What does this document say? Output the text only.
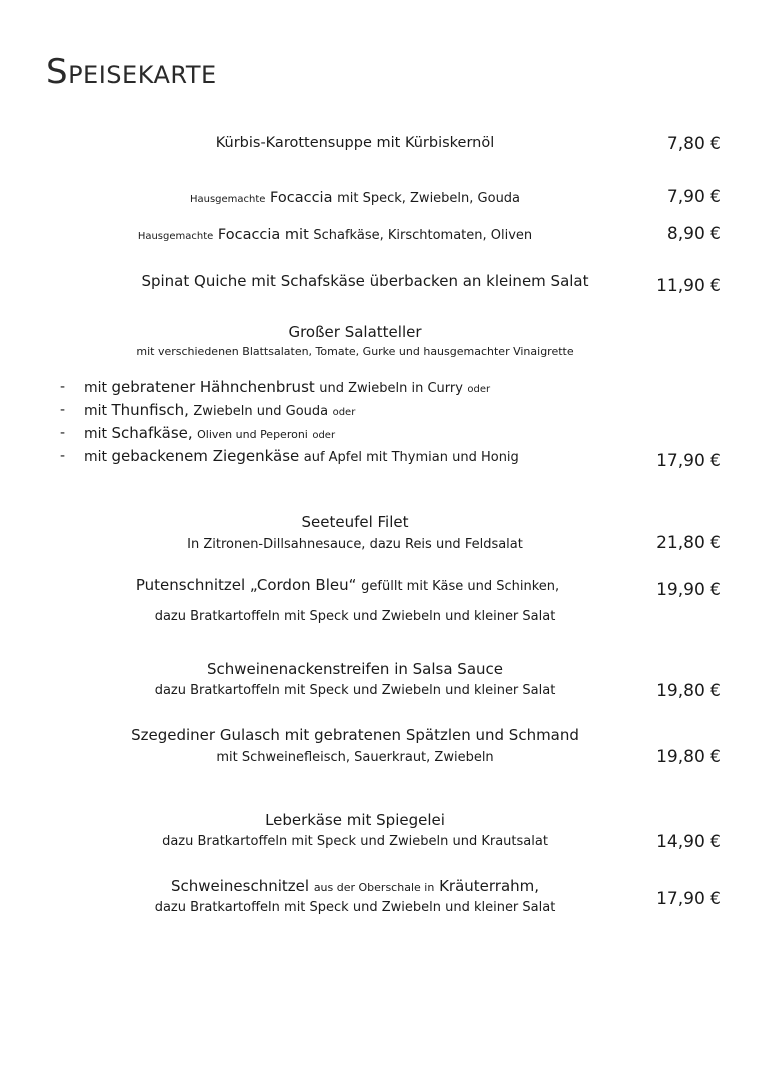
Speisekarte
Kürbis-Karottensuppe mit Kürbiskernöl	7,80 €
Hausgemachte Focaccia mit Speck, Zwiebeln, Gouda	7,90 €
Hausgemachte Focaccia mit Schafkäse, Kirschtomaten, Oliven	8,90 €
Spinat Quiche mit Schafskäse überbacken an kleinem Salat	11,90 €
Großer Salatteller
mit verschiedenen Blattsalaten, Tomate, Gurke und hausgemachter Vinaigrette
- mit gebratener Hähnchenbrust und Zwiebeln in Curry oder
- mit Thunfisch, Zwiebeln und Gouda oder
- mit Schafkäse, Oliven und Peperoni oder
- mit gebackenem Ziegenkäse auf Apfel mit Thymian und Honig	17,90 €
Seeteufel Filet
In Zitronen-Dillsahnesauce, dazu Reis und Feldsalat	21,80 €
Putenschnitzel „Cordon Bleu“ gefüllt mit Käse und Schinken,
dazu Bratkartoffeln mit Speck und Zwiebeln und kleiner Salat
19,90 €
Schweinenackenstreifen in Salsa Sauce
dazu Bratkartoffeln mit Speck und Zwiebeln und kleiner Salat	19,80 €
Szegediner Gulasch mit gebratenen Spätzlen und Schmand
mit Schweinefleisch, Sauerkraut, Zwiebeln	19,80 €
Leberkäse mit Spiegelei
dazu Bratkartoffeln mit Speck und Zwiebeln und Krautsalat	14,90 €
Schweineschnitzel aus der Oberschale in Kräuterrahm,
dazu Bratkartoffeln mit Speck und Zwiebeln und kleiner Salat	17,90 €
